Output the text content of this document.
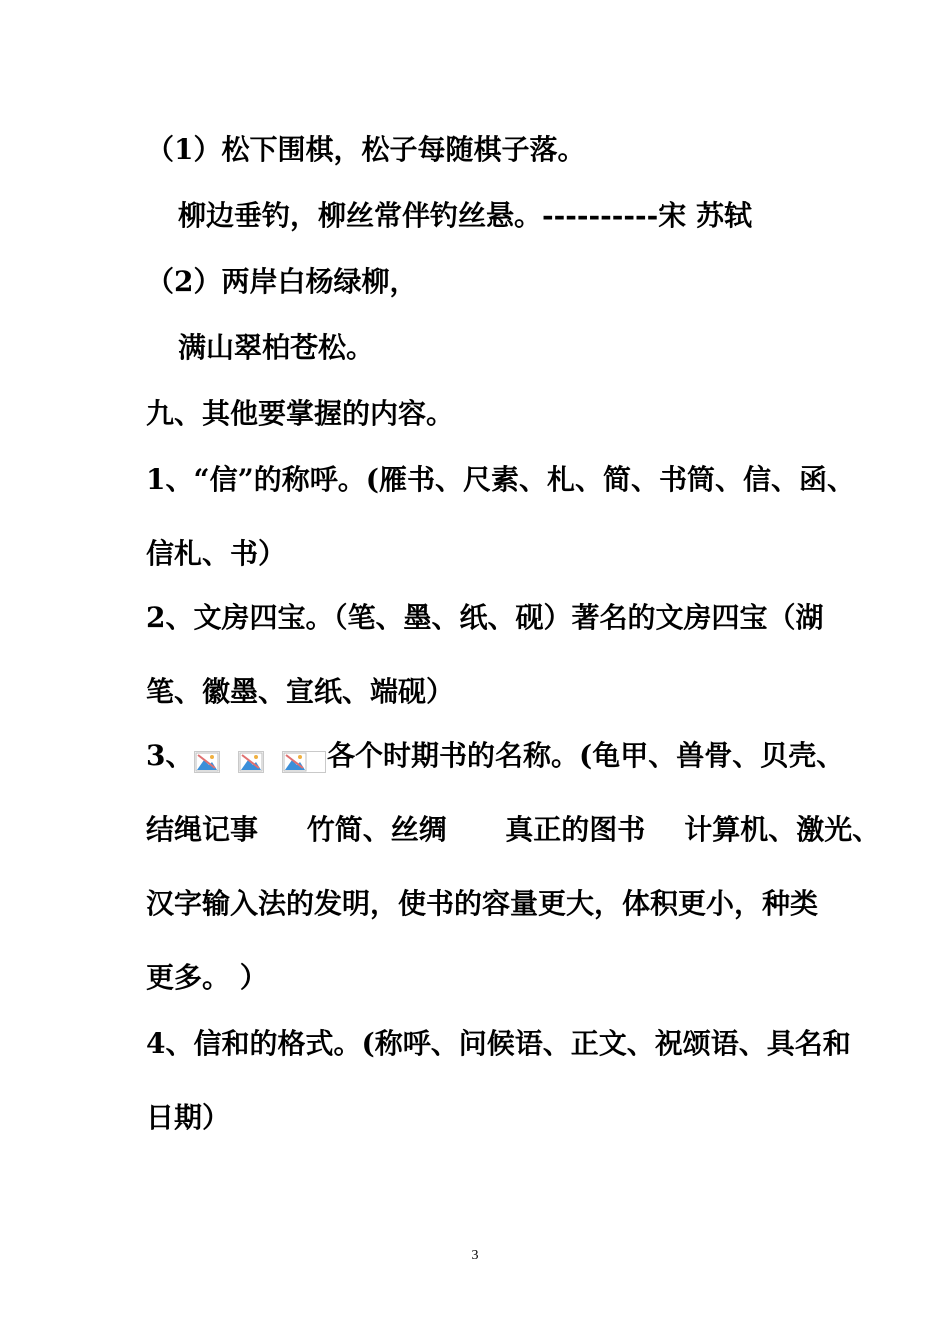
（1）松下围棋，松子每随棋子落。
柳边垂钓，柳丝常伴钓丝悬。----------宋 苏轼
（2）两岸白杨绿柳，
满山翠柏苍松。
九、其他要掌握的内容。
1、“信”的称呼。(雁书、尺素、札、简、书筒、信、函、
信札、书）
2、文房四宝。（笔、墨、纸、砚）著名的文房四宝（湖
笔、徽墨、宣纸、端砚）
3、

	各个时期书的名称。(龟甲、兽骨、贝壳、
结绳记事     竹简、丝绸      真正的图书    计算机、激光、
汉字输入法的发明，使书的容量更大，体积更小，种类
更多。 ）
4、信和的格式。(称呼、问候语、正文、祝颂语、具名和
日期）
3
